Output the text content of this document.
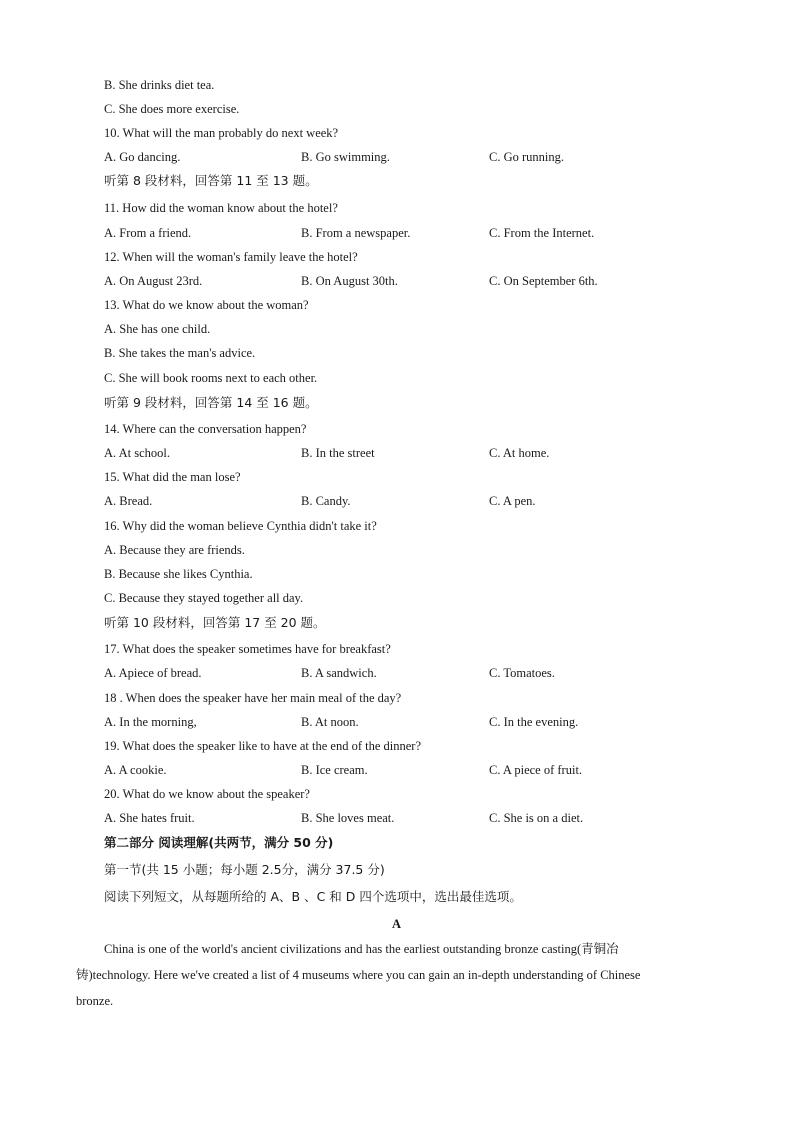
B. She drinks diet tea.
C. She does more exercise.
10. What will the man probably do next week?
A. Go dancing.	B. Go swimming.	C. Go running.
听第 8 段材料，回答第 11 至 13 题。
11. How did the woman know about the hotel?
A. From a friend.	B. From a newspaper.	C. From the Internet.
12. When will the woman's family leave the hotel?
A. On August 23rd.	B. On August 30th.	C. On September 6th.
13. What do we know about the woman?
A. She has one child.
B. She takes the man's advice.
C. She will book rooms next to each other.
听第 9 段材料，回答第 14 至 16 题。
14. Where can the conversation happen?
A. At school.	B. In the street	C. At home.
15. What did the man lose?
A. Bread.	B. Candy.	C. A pen.
16. Why did the woman believe Cynthia didn't take it?
A. Because they are friends.
B. Because she likes Cynthia.
C. Because they stayed together all day.
听第 10 段材料，回答第 17 至 20 题。
17. What does the speaker sometimes have for breakfast?
A. Apiece of bread.	B. A sandwich.	C. Tomatoes.
18 . When does the speaker have her main meal of the day?
A. In the morning,	B. At noon.	C. In the evening.
19. What does the speaker like to have at the end of the dinner?
A. A cookie.	B. Ice cream.	C. A piece of fruit.
20. What do we know about the speaker?
A. She hates fruit.	B. She loves meat.	C. She is on a diet.
第二部分 阅读理解(共两节，满分 50 分)
第一节(共 15 小题；每小题 2.5分，满分 37.5 分)
阅读下列短文，从每题所给的 A、B 、C 和 D 四个选项中，选出最佳选项。
A
China is one of the world's ancient civilizations and has the earliest outstanding bronze casting(青铜冶
铸)technology. Here we've created a list of 4 museums where you can gain an in-depth understanding of Chinese
bronze.
